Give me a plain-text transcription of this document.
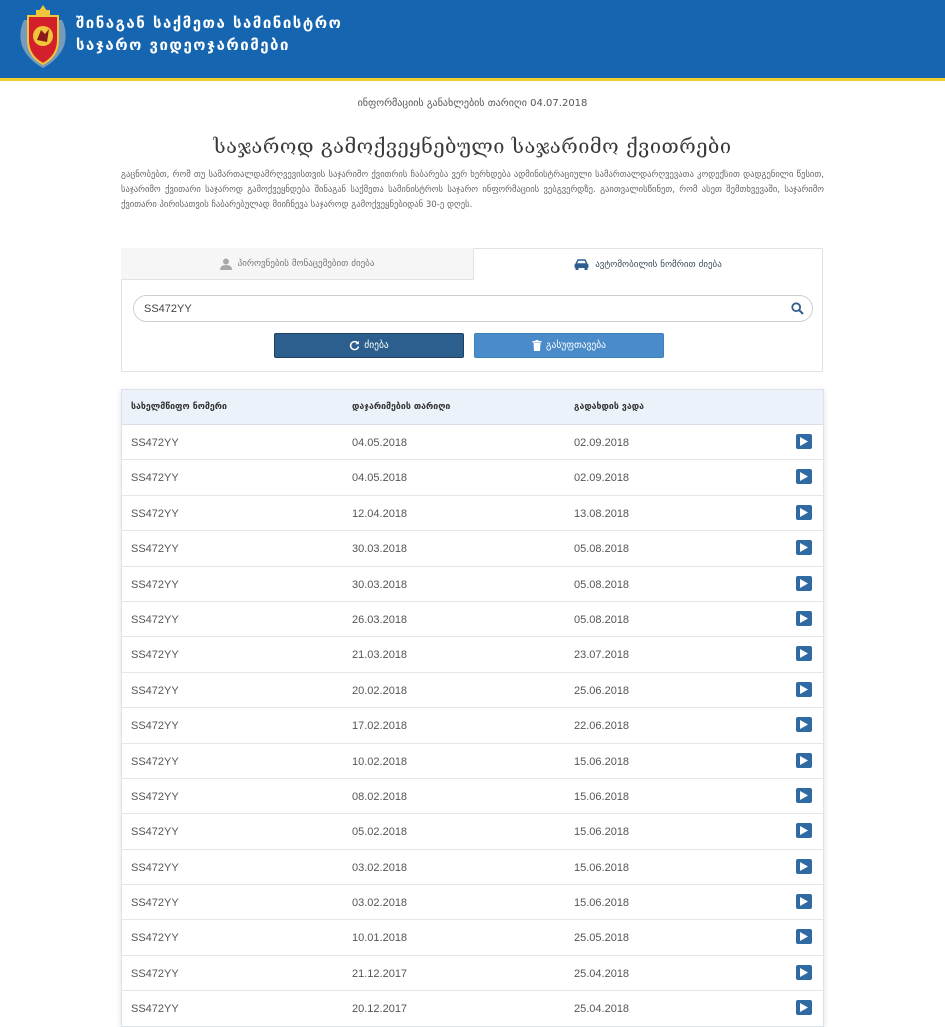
შინაგან საქმეთა სამინისტრო
საჯარო ვიდეოჯარიმები
ინფორმაციის განახლების თარიღი 04.07.2018
საჯაროდ გამოქვეყნებული საჯარიმო ქვითრები

გაცნობებთ, რომ თუ სამართალდამრღვევისთვის საჯარიმო ქვითრის ჩაბარება ვერ ხერხდება ადმინისტრაციული სამართალდარღვევათა კოდექსით დადგენილი წესით, საჯარიმო ქვითარი საჯაროდ გამოქვეყნდება შინაგან საქმეთა სამინისტროს საჯარო ინფორმაციის ვებგვერდზე. გაითვალისწინეთ, რომ ასეთ შემთხვევაში, საჯარიმო ქვითარი პირისათვის ჩაბარებულად მიიჩნევა საჯაროდ გამოქვეყნებიდან 30-ე დღეს.

პიროვნების მონაცემებით ძიება	ავტომობილის ნომრით ძიება
SS472YY
ძიება	გასუფთავება
სახელმწიფო ნომერი	დაჯარიმების თარიღი	გადახდის ვადა
SS472YY	04.05.2018	02.09.2018
SS472YY	04.05.2018	02.09.2018
SS472YY	12.04.2018	13.08.2018
SS472YY	30.03.2018	05.08.2018
SS472YY	30.03.2018	05.08.2018
SS472YY	26.03.2018	05.08.2018
SS472YY	21.03.2018	23.07.2018
SS472YY	20.02.2018	25.06.2018
SS472YY	17.02.2018	22.06.2018
SS472YY	10.02.2018	15.06.2018
SS472YY	08.02.2018	15.06.2018
SS472YY	05.02.2018	15.06.2018
SS472YY	03.02.2018	15.06.2018
SS472YY	03.02.2018	15.06.2018
SS472YY	10.01.2018	25.05.2018
SS472YY	21.12.2017	25.04.2018
SS472YY	20.12.2017	25.04.2018
